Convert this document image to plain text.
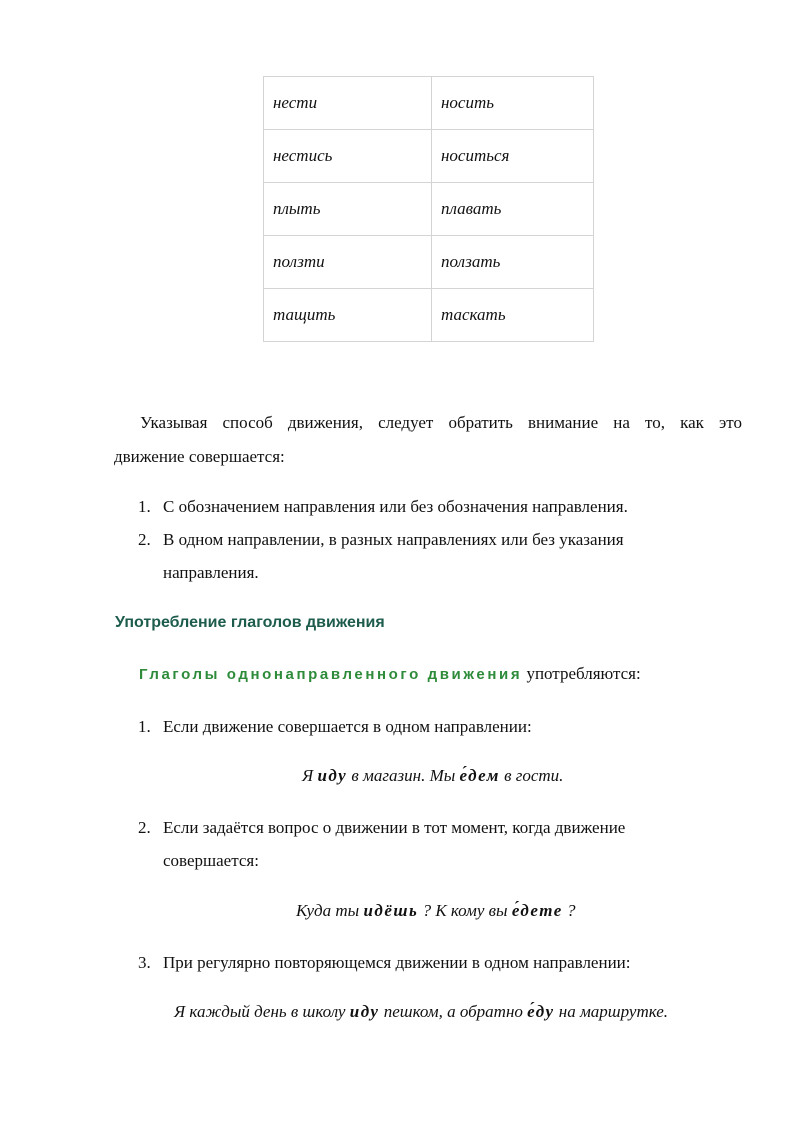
нести	носить
нестись	носиться
плыть	плавать
ползти	ползать
тащить	таскать
Указывая способ движения, следует обратить внимание на то, как это
движение совершается:
1. С обозначением направления или без обозначения направления.
2. В одном направлении, в разных направлениях или без указания
направления.
Употребление глаголов движения
Глаголы однонаправленного движения употребляются:
1. Если движение совершается в одном направлении:
Я иду в магазин. Мы е́дем в гости.
2. Если задаётся вопрос о движении в тот момент, когда движение
совершается:
Куда ты идёшь ? К кому вы е́дете ?
3. При регулярно повторяющемся движении в одном направлении:
Я каждый день в школу иду пешком, а обратно е́ду на маршрутке.
